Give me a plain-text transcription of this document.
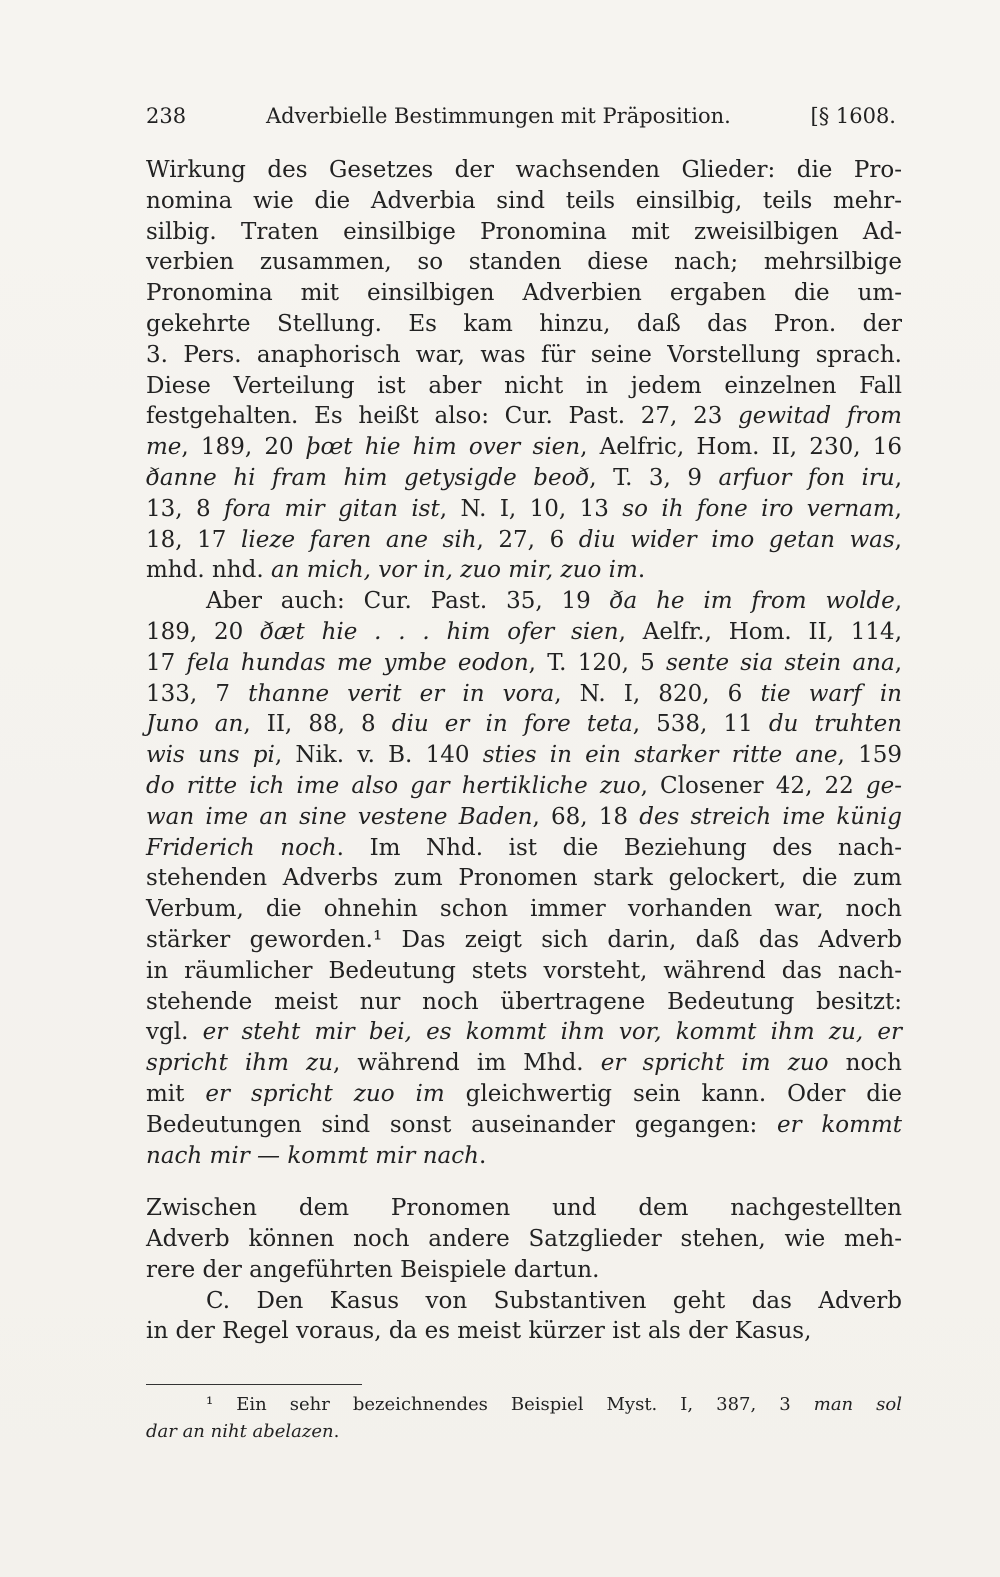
238	Adverbielle Bestimmungen mit Präposition.	[§ 1608.
Wirkung des Gesetzes der wachsenden Glieder: die Pro-
nomina wie die Adverbia sind teils einsilbig, teils mehr-
silbig. Traten einsilbige Pronomina mit zweisilbigen Ad-
verbien zusammen, so standen diese nach; mehrsilbige
Pronomina mit einsilbigen Adverbien ergaben die um-
gekehrte Stellung. Es kam hinzu, daß das Pron. der
3. Pers. anaphorisch war, was für seine Vorstellung sprach.
Diese Verteilung ist aber nicht in jedem einzelnen Fall
festgehalten. Es heißt also: Cur. Past. 27, 23 gewitad from
me, 189, 20 þœt hie him over sien, Aelfric, Hom. II, 230, 16
ðanne hi fram him getysigde beoð, T. 3, 9 arfuor fon iru,
13, 8 fora mir gitan ist, N. I, 10, 13 so ih fone iro vernam,
18, 17 lieze faren ane sih, 27, 6 diu wider imo getan was,
mhd. nhd. an mich, vor in, zuo mir, zuo im.
Aber auch: Cur. Past. 35, 19 ða he im from wolde,
189, 20 ðæt hie . . . him ofer sien, Aelfr., Hom. II, 114,
17 fela hundas me ymbe eodon, T. 120, 5 sente sia stein ana,
133, 7 thanne verit er in vora, N. I, 820, 6 tie warf in
Juno an, II, 88, 8 diu er in fore teta, 538, 11 du truhten
wis uns pi, Nik. v. B. 140 sties in ein starker ritte ane, 159
do ritte ich ime also gar hertikliche zuo, Closener 42, 22 ge-
wan ime an sine vestene Baden, 68, 18 des streich ime künig
Friderich noch. Im Nhd. ist die Beziehung des nach-
stehenden Adverbs zum Pronomen stark gelockert, die zum
Verbum, die ohnehin schon immer vorhanden war, noch
stärker geworden.¹ Das zeigt sich darin, daß das Adverb
in räumlicher Bedeutung stets vorsteht, während das nach-
stehende meist nur noch übertragene Bedeutung besitzt:
vgl. er steht mir bei, es kommt ihm vor, kommt ihm zu, er
spricht ihm zu, während im Mhd. er spricht im zuo noch
mit er spricht zuo im gleichwertig sein kann. Oder die
Bedeutungen sind sonst auseinander gegangen: er kommt
nach mir — kommt mir nach.
Zwischen dem Pronomen und dem nachgestellten
Adverb können noch andere Satzglieder stehen, wie meh-
rere der angeführten Beispiele dartun.
C. Den Kasus von Substantiven geht das Adverb
in der Regel voraus, da es meist kürzer ist als der Kasus,
¹ Ein sehr bezeichnendes Beispiel Myst. I, 387, 3 man sol
dar an niht abelazen.
